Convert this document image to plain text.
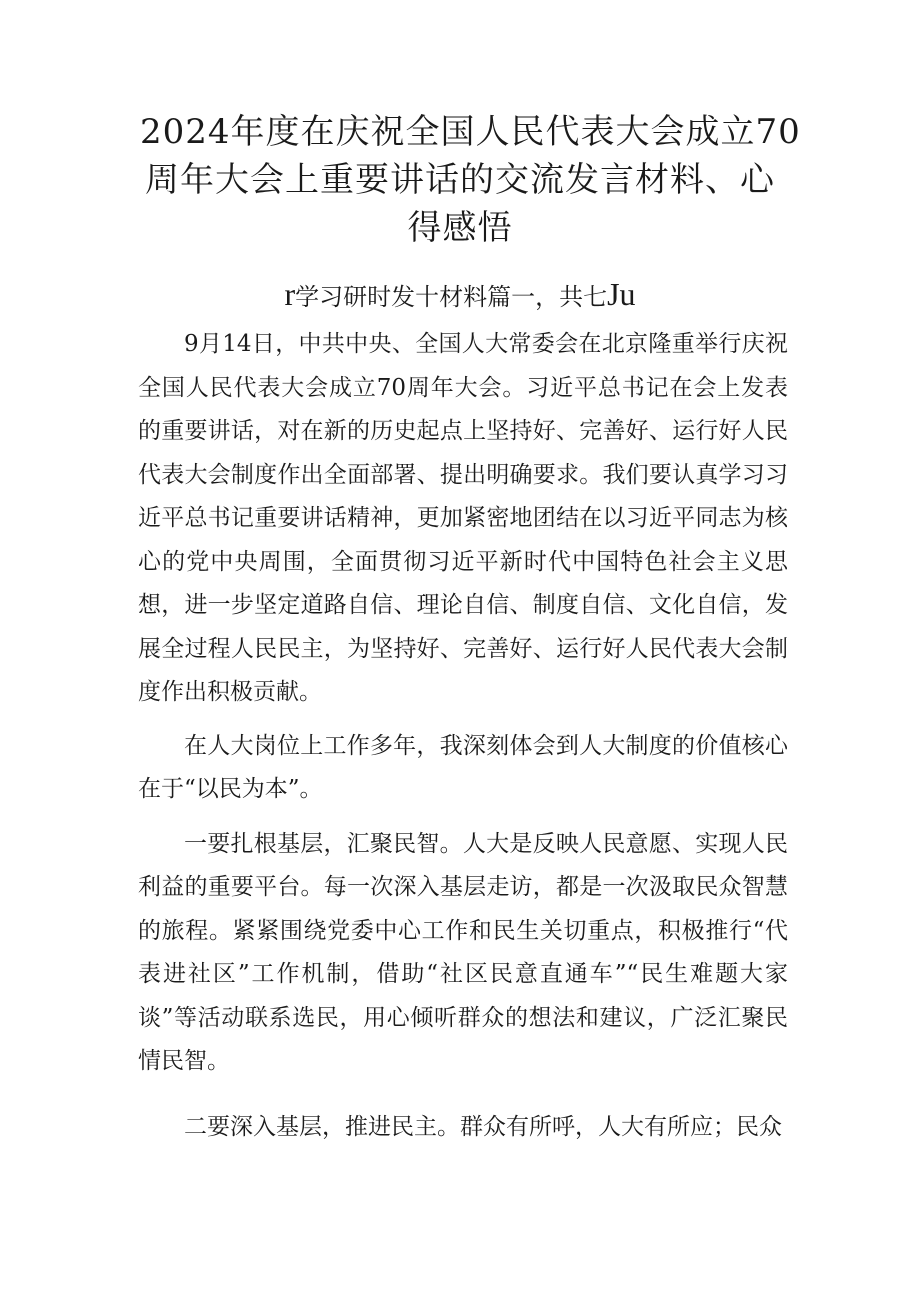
2024年度在庆祝全国人民代表大会成立70
周年大会上重要讲话的交流发言材料、心
得感悟

r学习研时发十材料篇一，共七Ju

9月14日，中共中央、全国人大常委会在北京隆重举行庆祝全国人民代表大会成立70周年大会。习近平总书记在会上发表的重要讲话，对在新的历史起点上坚持好、完善好、运行好人民代表大会制度作出全面部署、提出明确要求。我们要认真学习习近平总书记重要讲话精神，更加紧密地团结在以习近平同志为核心的党中央周围，全面贯彻习近平新时代中国特色社会主义思想，进一步坚定道路自信、理论自信、制度自信、文化自信，发展全过程人民民主，为坚持好、完善好、运行好人民代表大会制度作出积极贡献。

在人大岗位上工作多年，我深刻体会到人大制度的价值核心在于“以民为本”。

一要扎根基层，汇聚民智。人大是反映人民意愿、实现人民利益的重要平台。每一次深入基层走访，都是一次汲取民众智慧的旅程。紧紧围绕党委中心工作和民生关切重点，积极推行“代表进社区”工作机制，借助“社区民意直通车”“民生难题大家谈”等活动联系选民，用心倾听群众的想法和建议，广泛汇聚民情民智。

二要深入基层，推进民主。群众有所呼，人大有所应；民众
